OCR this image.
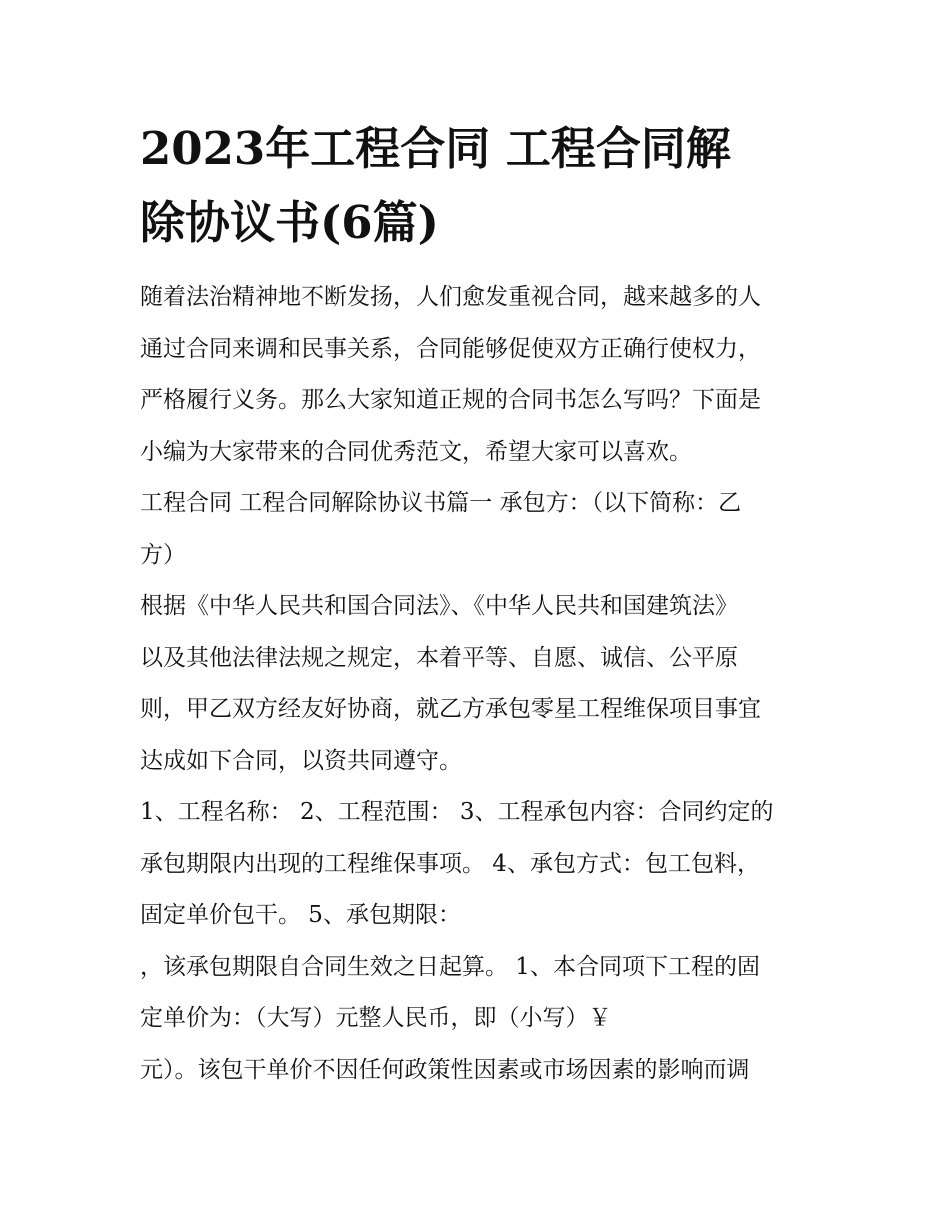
2023年工程合同 工程合同解
除协议书(6篇)

随着法治精神地不断发扬，人们愈发重视合同，越来越多的人
通过合同来调和民事关系，合同能够促使双方正确行使权力，
严格履行义务。那么大家知道正规的合同书怎么写吗？下面是
小编为大家带来的合同优秀范文，希望大家可以喜欢。

工程合同 工程合同解除协议书篇一 承包方：（以下简称：乙
方）

根据《中华人民共和国合同法》、《中华人民共和国建筑法》
以及其他法律法规之规定，本着平等、自愿、诚信、公平原
则，甲乙双方经友好协商，就乙方承包零星工程维保项目事宜
达成如下合同，以资共同遵守。

1、工程名称： 2、工程范围： 3、工程承包内容：合同约定的
承包期限内出现的工程维保事项。 4、承包方式：包工包料，
固定单价包干。 5、承包期限：

，该承包期限自合同生效之日起算。 1、本合同项下工程的固
定单价为：（大写）元整人民币，即（小写）￥

元）。该包干单价不因任何政策性因素或市场因素的影响而调
